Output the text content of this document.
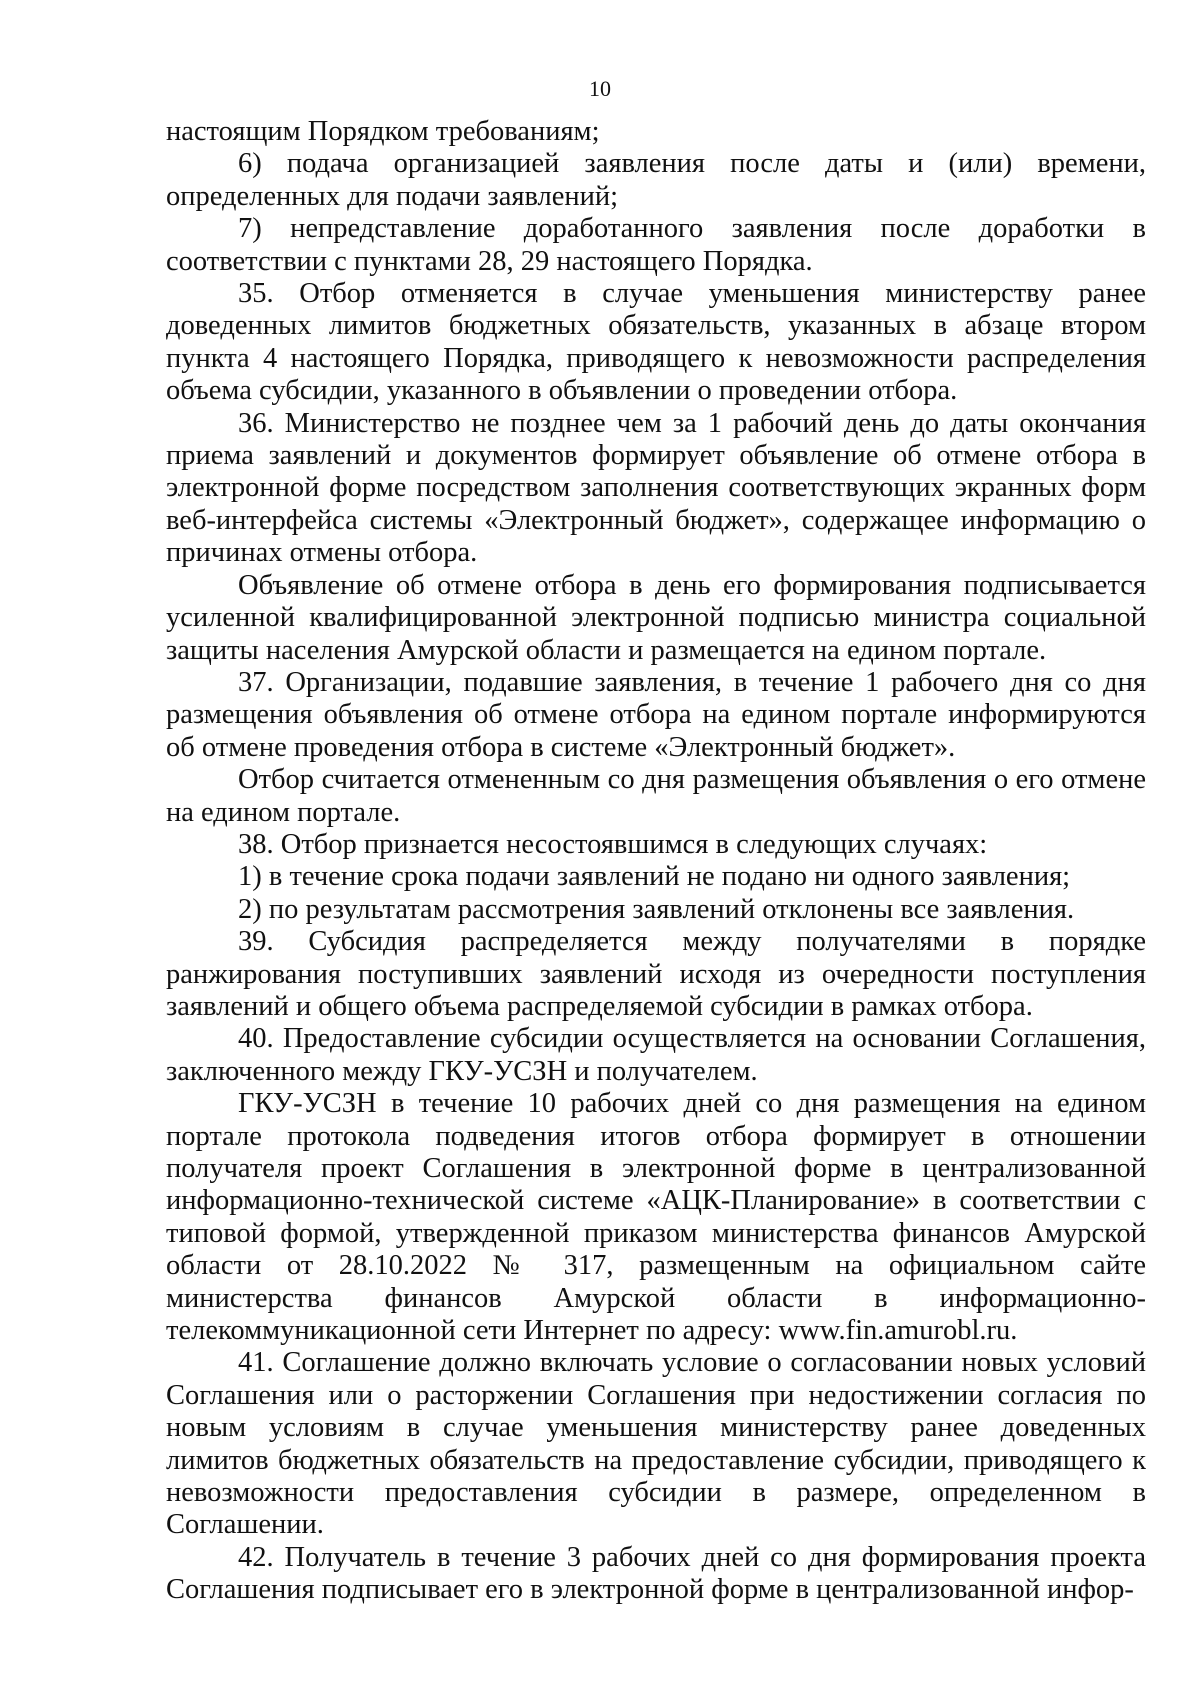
10

настоящим Порядком требованиям;

6) подача организацией заявления после даты и (или) времени, определенных для подачи заявлений;

7) непредставление доработанного заявления после доработки в соответствии с пунктами 28, 29 настоящего Порядка.

35. Отбор отменяется в случае уменьшения министерству ранее доведенных лимитов бюджетных обязательств, указанных в абзаце втором пункта 4 настоящего Порядка, приводящего к невозможности распределения объема субсидии, указанного в объявлении о проведении отбора.

36. Министерство не позднее чем за 1 рабочий день до даты окончания приема заявлений и документов формирует объявление об отмене отбора в электронной форме посредством заполнения соответствующих экранных форм веб-интерфейса системы «Электронный бюджет», содержащее информацию о причинах отмены отбора.

Объявление об отмене отбора в день его формирования подписывается усиленной квалифицированной электронной подписью министра социальной защиты населения Амурской области и размещается на едином портале.

37. Организации, подавшие заявления, в течение 1 рабочего дня со дня размещения объявления об отмене отбора на едином портале информируются об отмене проведения отбора в системе «Электронный бюджет».

Отбор считается отмененным со дня размещения объявления о его отмене на едином портале.

38. Отбор признается несостоявшимся в следующих случаях:

1) в течение срока подачи заявлений не подано ни одного заявления;

2) по результатам рассмотрения заявлений отклонены все заявления.

39. Субсидия распределяется между получателями в порядке ранжирования поступивших заявлений исходя из очередности поступления заявлений и общего объема распределяемой субсидии в рамках отбора.

40. Предоставление субсидии осуществляется на основании Соглашения, заключенного между ГКУ-УСЗН и получателем.

ГКУ-УСЗН в течение 10 рабочих дней со дня размещения на едином портале протокола подведения итогов отбора формирует в отношении получателя проект Соглашения в электронной форме в централизованной информационно-технической системе «АЦК-Планирование» в соответствии с типовой формой, утвержденной приказом министерства финансов Амурской области от 28.10.2022 № 317, размещенным на официальном сайте министерства финансов Амурской области в информационно-телекоммуникационной сети Интернет по адресу: www.fin.amurobl.ru.

41. Соглашение должно включать условие о согласовании новых условий Соглашения или о расторжении Соглашения при недостижении согласия по новым условиям в случае уменьшения министерству ранее доведенных лимитов бюджетных обязательств на предоставление субсидии, приводящего к невозможности предоставления субсидии в размере, определенном в Соглашении.

42. Получатель в течение 3 рабочих дней со дня формирования проекта Соглашения подписывает его в электронной форме в централизованной инфор-
